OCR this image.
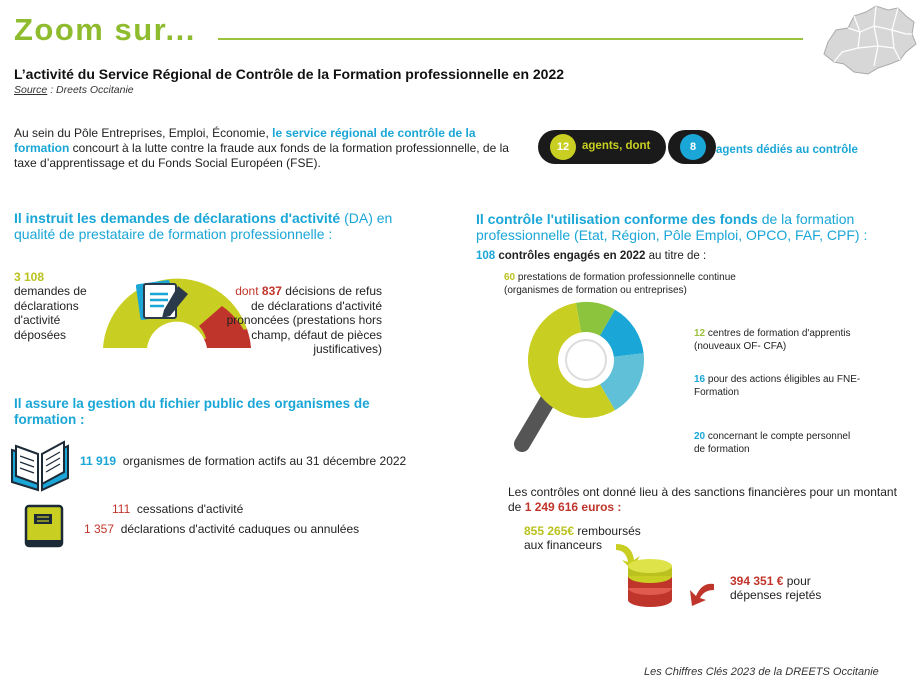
Zoom sur...
L’activité du Service Régional de Contrôle de la Formation professionnelle en 2022
Source : Dreets Occitanie
Au sein du Pôle Entreprises, Emploi, Économie, le service régional de contrôle de la formation concourt à la lutte contre la fraude aux fonds de la formation professionnelle, de la taxe d’apprentissage et du Fonds Social Européen (FSE).
12	agents, dont	8	agents dédiés au contrôle
Il instruit les demandes de déclarations d'activité (DA) en qualité de prestataire de formation professionnelle :
3 108
demandes de déclarations d'activité déposées
dont 837 décisions de refus de déclarations d'activité prononcées (prestations hors champ, défaut de pièces justificatives)
Il assure la gestion du fichier public des organismes de formation :
11 919 organismes de formation actifs au 31 décembre 2022
111 cessations d'activité
1 357 déclarations d'activité caduques ou annulées
Il contrôle l'utilisation conforme des fonds de la formation professionnelle (Etat, Région, Pôle Emploi, OPCO, FAF, CPF) :
108 contrôles engagés en 2022 au titre de :
60 prestations de formation professionnelle continue (organismes de formation ou entreprises)
12 centres de formation d'apprentis (nouveaux OF- CFA)
16 pour des actions éligibles au FNE-Formation
20 concernant le compte personnel de formation
Les contrôles ont donné lieu à des sanctions financières pour un montant de 1 249 616 euros :
855 265€ remboursés aux financeurs
394 351 € pour dépenses rejetés
Les Chiffres Clés 2023 de la DREETS Occitanie
